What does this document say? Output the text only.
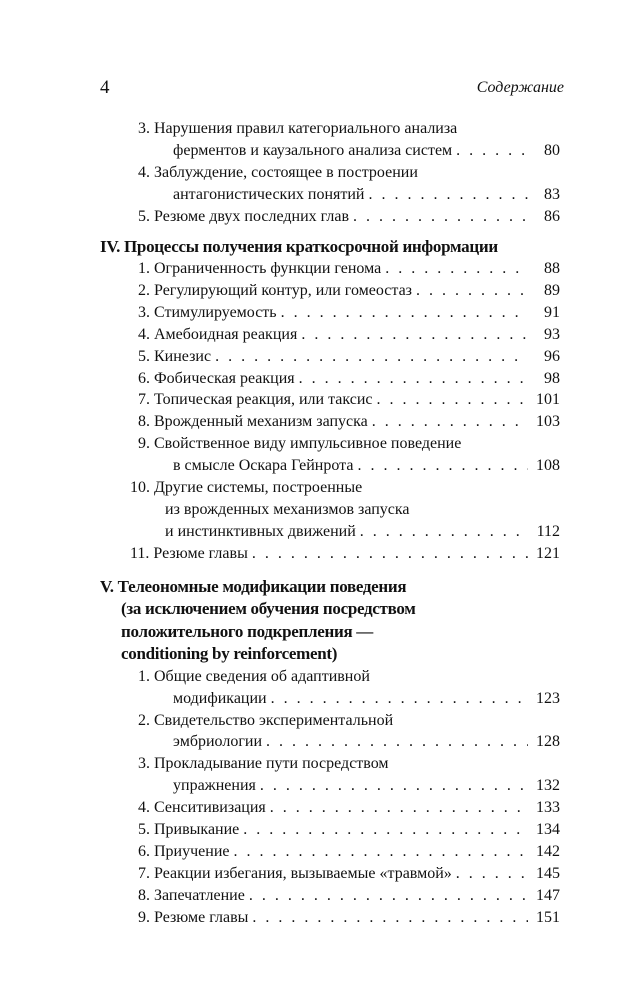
4	Содержание
3. Нарушения правил категориального анализа
ферментов и каузального анализа систем . . .	80
4. Заблуждение, состоящее в построении
антагонистических понятий . . .	83
5. Резюме двух последних глав . . .	86
IV. Процессы получения краткосрочной информации
1. Ограниченность функции генома . . .	88
2. Регулирующий контур, или гомеостаз . . .	89
3. Стимулируемость . . .	91
4. Амебоидная реакция . . .	93
5. Кинезис . . .	96
6. Фобическая реакция . . .	98
7. Топическая реакция, или таксис . . .	101
8. Врожденный механизм запуска . . .	103
9. Свойственное виду импульсивное поведение
в смысле Оскара Гейнрота . . .	108
10. Другие системы, построенные
из врожденных механизмов запуска
и инстинктивных движений . . .	112
11. Резюме главы . . .	121
V. Телеономные модификации поведения
(за исключением обучения посредством
положительного подкрепления —
conditioning by reinforcement)
1. Общие сведения об адаптивной
модификации . . .	123
2. Свидетельство экспериментальной
эмбриологии . . .	128
3. Прокладывание пути посредством
упражнения . . .	132
4. Сенситивизация . . .	133
5. Привыкание . . .	134
6. Приучение . . .	142
7. Реакции избегания, вызываемые «травмой» . . .	145
8. Запечатление . . .	147
9. Резюме главы . . .	151
